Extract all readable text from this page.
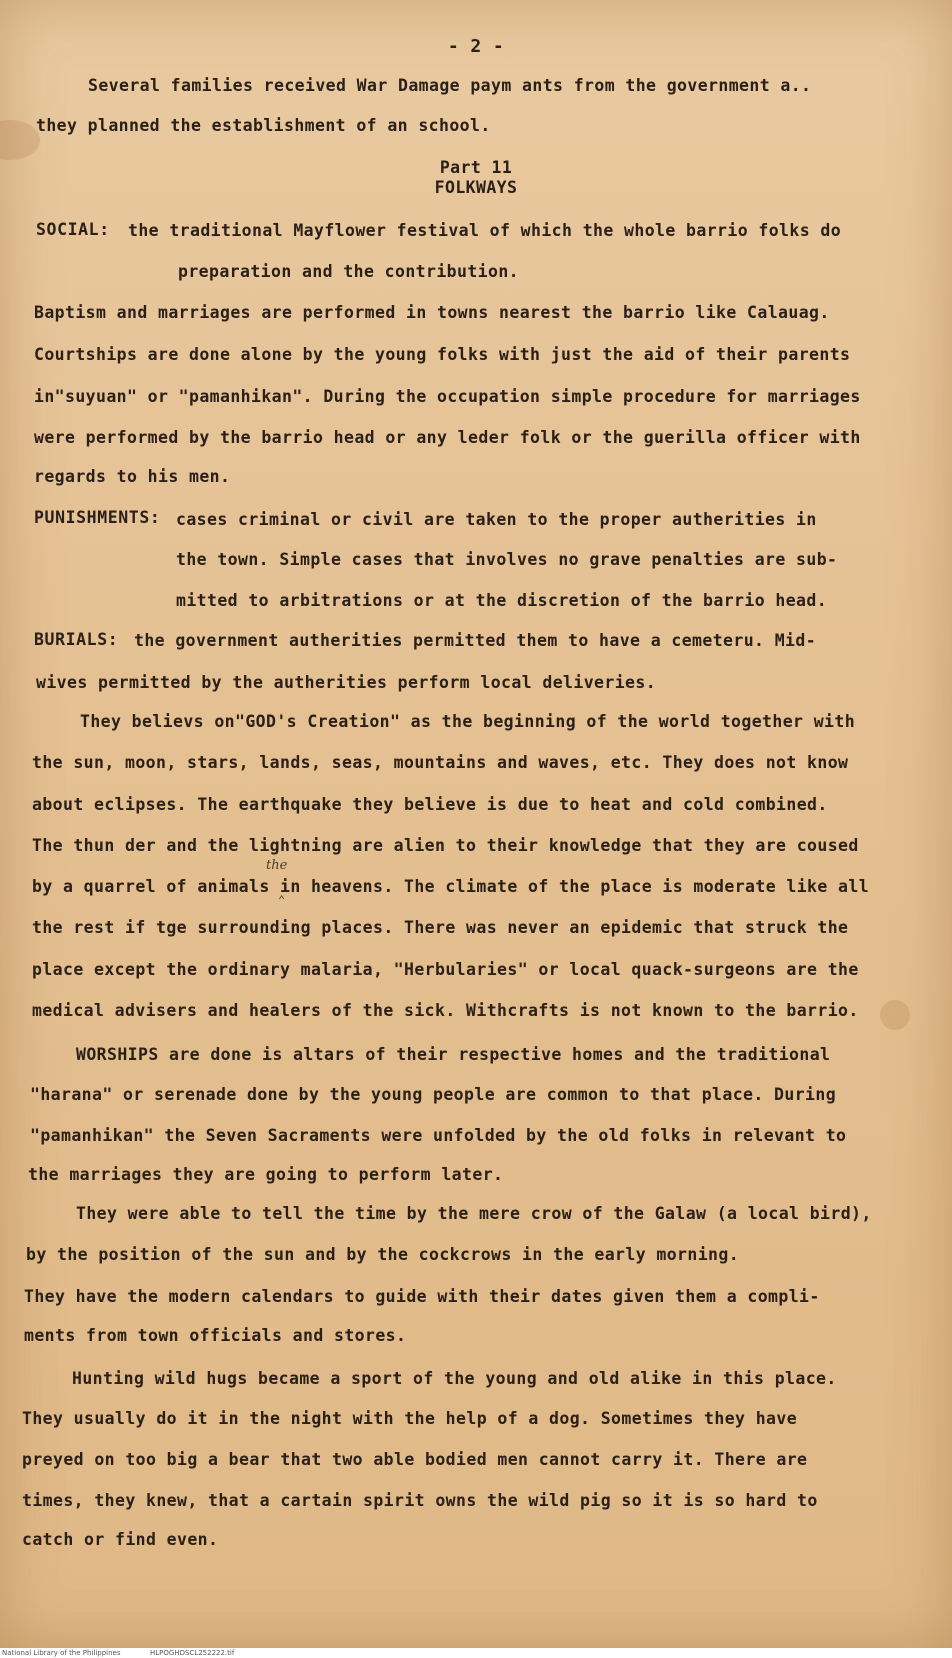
- 2 -

Several families received War Damage paym ants from the government a..

they planned the establishment of an school.

Part 11

FOLKWAYS

SOCIAL: the traditional Mayflower festival of which the whole barrio folks do

preparation and the contribution.

Baptism and marriages are performed in towns nearest the barrio like Calauag.

Courtships are done alone by the young folks with just the aid of their parents

in"suyuan" or "pamanhikan". During the occupation simple procedure for marriages

were performed by the barrio head or any leder folk or the guerilla officer with

regards to his men.

PUNISHMENTS: cases criminal or civil are taken to the proper autherities in

the town. Simple cases that involves no grave penalties are sub-

mitted to arbitrations or at the discretion of the barrio head.

BURIALS: the government autherities permitted them to have a cemeteru. Mid-

wives permitted by the autherities perform local deliveries.

They believs on"GOD's Creation" as the beginning of the world together with

the sun, moon, stars, lands, seas, mountains and waves, etc. They does not know

about eclipses. The earthquake they believe is due to heat and cold combined.

The thun der and the lightning are alien to their knowledge that they are coused

the
⌃

by a quarrel of animals in heavens. The climate of the place is moderate like all

the rest if tge surrounding places. There was never an epidemic that struck the

place except the ordinary malaria, "Herbularies" or local quack-surgeons are the

medical advisers and healers of the sick. Withcrafts is not known to the barrio.

WORSHIPS are done is altars of their respective homes and the traditional

"harana" or serenade done by the young people are common to that place. During

"pamanhikan" the Seven Sacraments were unfolded by the old folks in relevant to

the marriages they are going to perform later.

They were able to tell the time by the mere crow of the Galaw (a local bird),

by the position of the sun and by the cockcrows in the early morning.

They have the modern calendars to guide with their dates given them a compli-

ments from town officials and stores.

Hunting wild hugs became a sport of the young and old alike in this place.

They usually do it in the night with the help of a dog. Sometimes they have

preyed on too big a bear that two able bodied men cannot carry it. There are

times, they knew, that a cartain spirit owns the wild pig so it is so hard to

catch or find even.

National Library of the Philippines	HLPOGHDSCL252222.tif
